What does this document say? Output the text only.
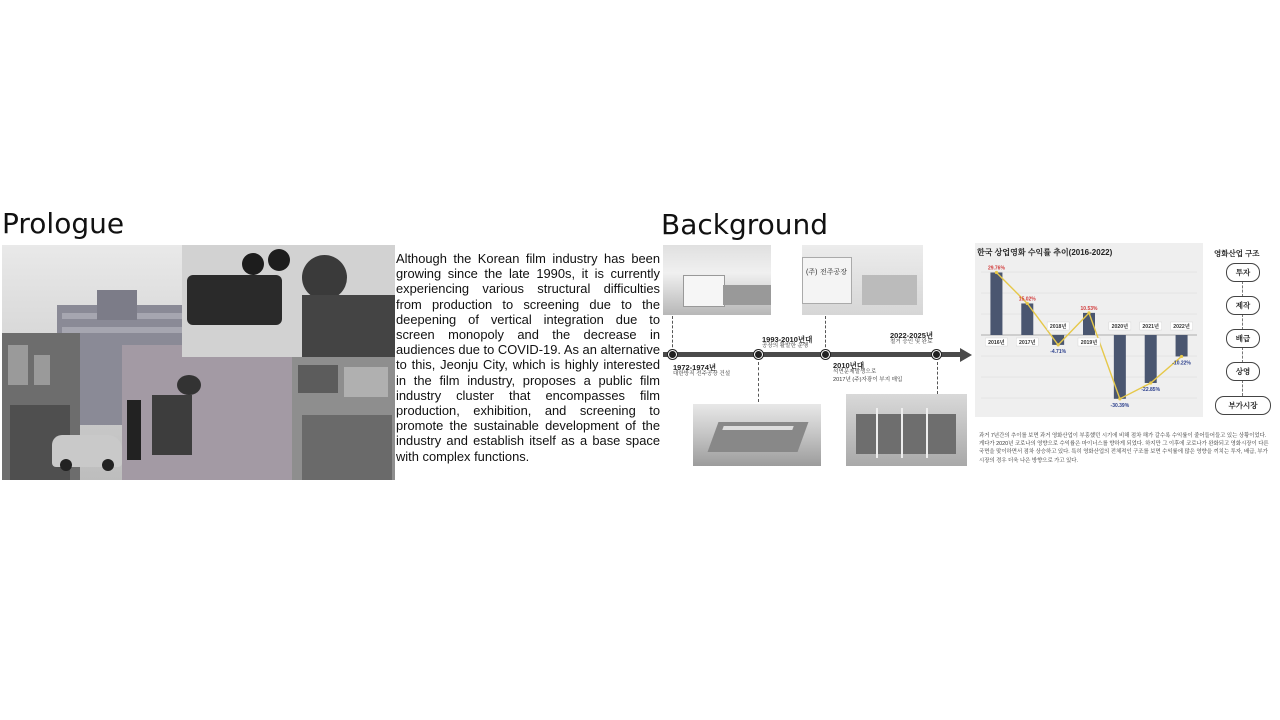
Prologue	Background
Although the Korean film industry has been growing since the late 1990s, it is currently experiencing various structural difficulties from production to screening due to the deepening of vertical integration due to screen monopoly and the decrease in audiences due to COVID-19. As an alternative to this, Jeonju City, which is highly interested in the film industry, proposes a public film industry cluster that encompasses film production, exhibition, and screening to promote the sustainable development of the industry and establish itself as a base space with complex functions.
(주) 전주공장
1972-1974년
대한방직 전주공장 건설
1993-2010년대
공장의 활발한 운행
2010년대
석면문제발생으로
2017년 (주)자광이 부지 매입
2022-2025년
철거 승인 및 완료
한국 상업영화 수익률 추이(2016-2022)
2016년
29.76%
2017년
15.02%
2018년
-4.71%
2019년
10.53%
2020년
-30.39%
2021년
-22.85%
2022년
-10.22%
영화산업 구조
투자
제작
배급
상영
부가시장
과거 7년간의 추이를 보면 과거 영화산업이 부흥했던 시기에 비해 점차 해가 갈수록 수익률이 줄어들어들고 있는 상황이었다. 게다가 2020년 코로나의 영향으로 수익률은 마이너스를 향하게 되었다. 하지만 그 이후에 코로나가 완화되고 영화시장이 다른 국면을 맞이하면서 점차 상승하고 있다. 특히 영화산업의 전체적인 구조를 보면 수익률에 많은 영향을 끼치는 투자, 배급, 부가시장의 경우 더욱 나은 방향으로 가고 있다.
